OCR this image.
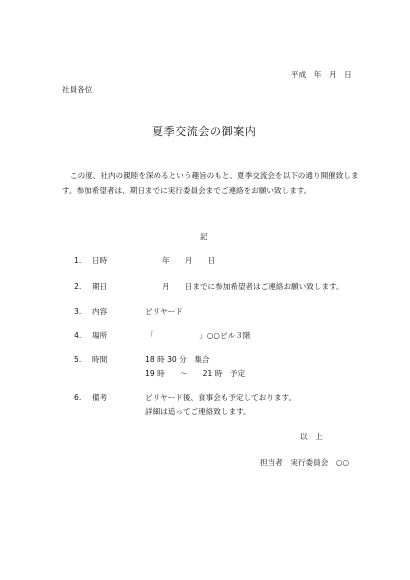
平成　年　月　日
社員各位
夏季交流会の御案内
この度、社内の親睦を深めるという趣旨のもと、夏季交流会を以下の通り開催致しま
す。参加希望者は、期日までに実行委員会までご連絡をお願い致します。
記
1.	日時	年　　月　　日
2.	期日	月　　日までに参加希望者はご連絡お願い致します。
3.	内容	ビリヤード
4.	場所	「　　　　　　」○○ビル３階
5.	時間	18 時 30 分　集合
19 時　　～　　21 時　予定
6.	備考	ビリヤード後、食事会も予定しております。
詳細は追ってご連絡致します。
以　上
担当者　実行委員会　○○
